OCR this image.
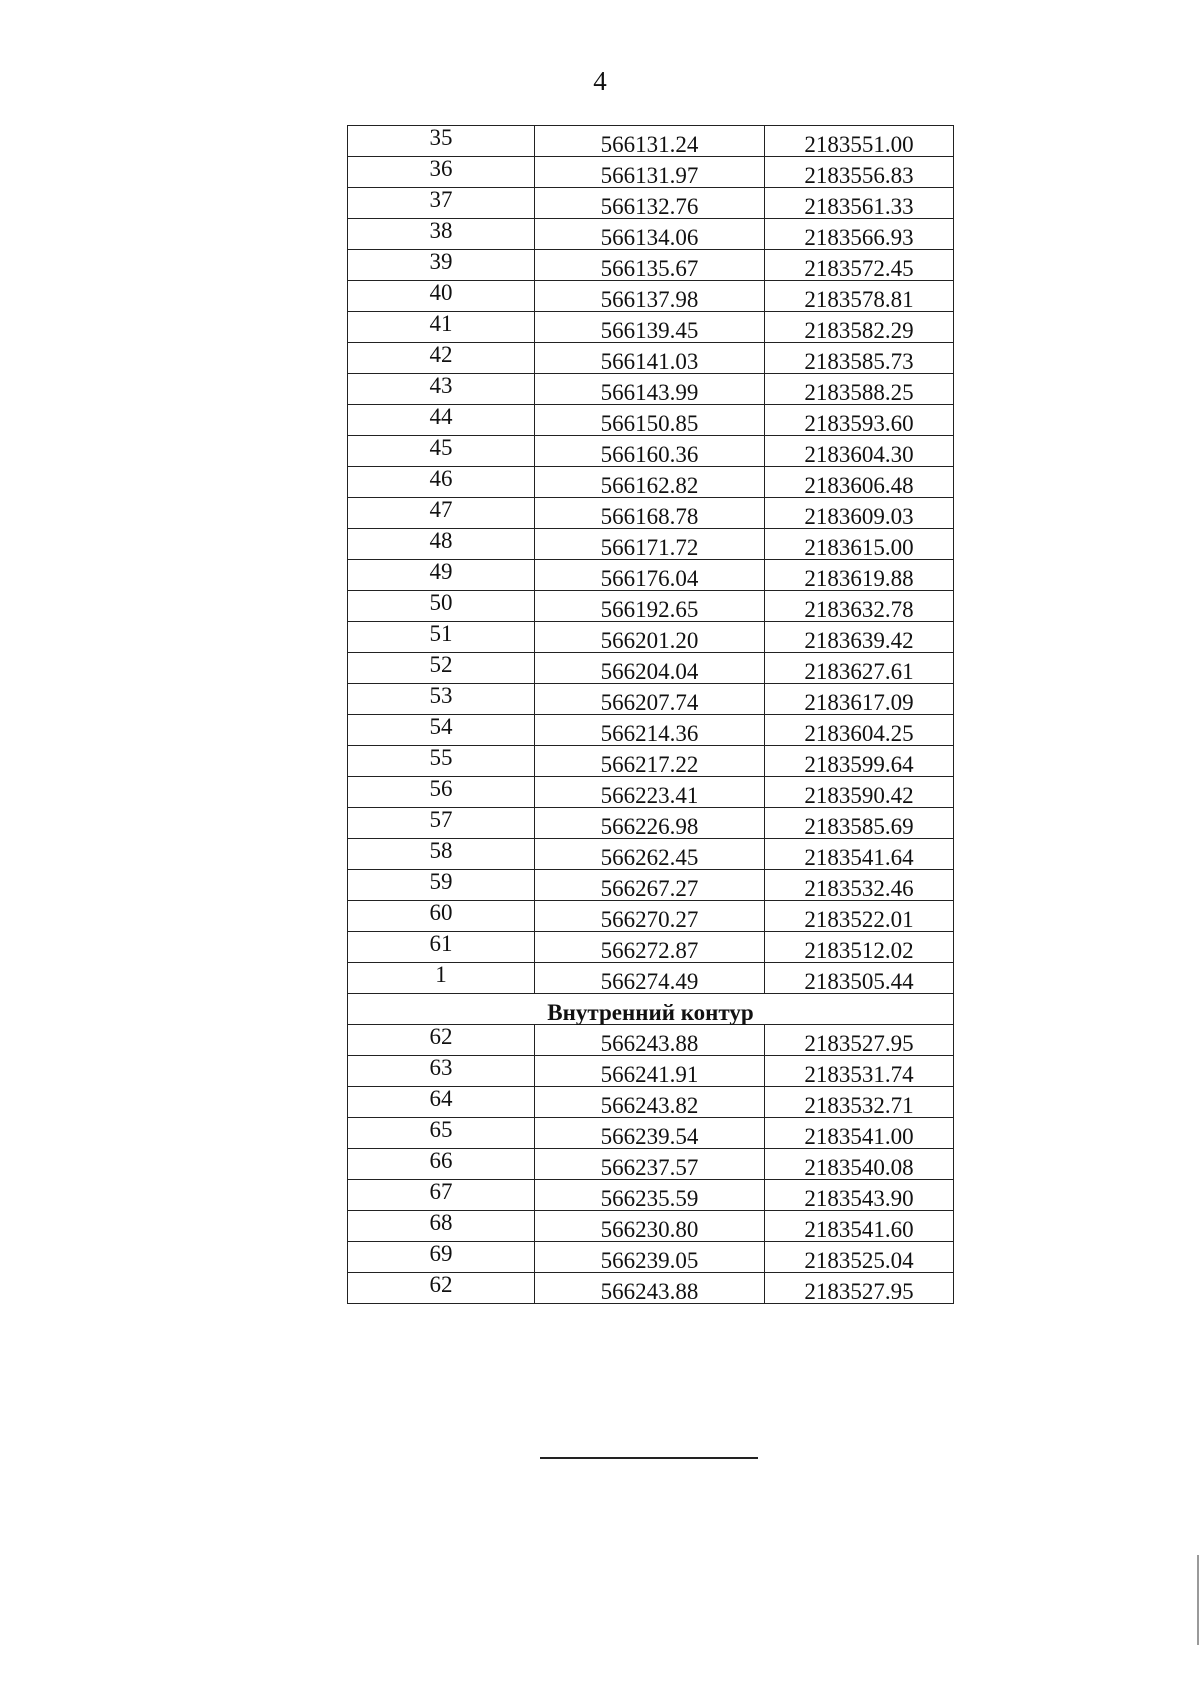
4
35	566131.24	2183551.00
36	566131.97	2183556.83
37	566132.76	2183561.33
38	566134.06	2183566.93
39	566135.67	2183572.45
40	566137.98	2183578.81
41	566139.45	2183582.29
42	566141.03	2183585.73
43	566143.99	2183588.25
44	566150.85	2183593.60
45	566160.36	2183604.30
46	566162.82	2183606.48
47	566168.78	2183609.03
48	566171.72	2183615.00
49	566176.04	2183619.88
50	566192.65	2183632.78
51	566201.20	2183639.42
52	566204.04	2183627.61
53	566207.74	2183617.09
54	566214.36	2183604.25
55	566217.22	2183599.64
56	566223.41	2183590.42
57	566226.98	2183585.69
58	566262.45	2183541.64
59	566267.27	2183532.46
60	566270.27	2183522.01
61	566272.87	2183512.02
1	566274.49	2183505.44
Внутренний контур		
62	566243.88	2183527.95
63	566241.91	2183531.74
64	566243.82	2183532.71
65	566239.54	2183541.00
66	566237.57	2183540.08
67	566235.59	2183543.90
68	566230.80	2183541.60
69	566239.05	2183525.04
62	566243.88	2183527.95
